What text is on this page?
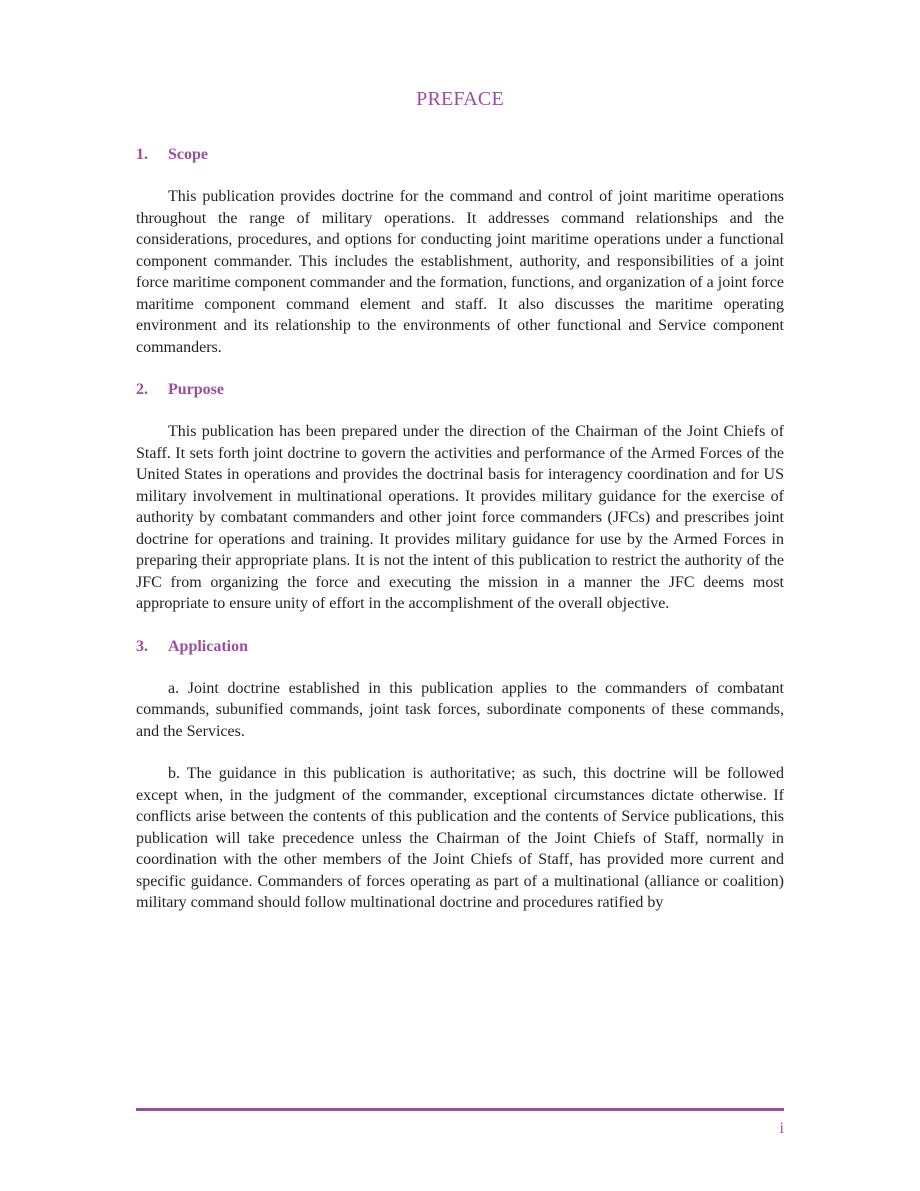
PREFACE
1. Scope

This publication provides doctrine for the command and control of joint maritime operations throughout the range of military operations. It addresses command relationships and the considerations, procedures, and options for conducting joint maritime operations under a functional component commander. This includes the establishment, authority, and responsibilities of a joint force maritime component commander and the formation, functions, and organization of a joint force maritime component command element and staff. It also discusses the maritime operating environment and its relationship to the environments of other functional and Service component commanders.

2. Purpose

This publication has been prepared under the direction of the Chairman of the Joint Chiefs of Staff. It sets forth joint doctrine to govern the activities and performance of the Armed Forces of the United States in operations and provides the doctrinal basis for interagency coordination and for US military involvement in multinational operations. It provides military guidance for the exercise of authority by combatant commanders and other joint force commanders (JFCs) and prescribes joint doctrine for operations and training. It provides military guidance for use by the Armed Forces in preparing their appropriate plans. It is not the intent of this publication to restrict the authority of the JFC from organizing the force and executing the mission in a manner the JFC deems most appropriate to ensure unity of effort in the accomplishment of the overall objective.

3. Application

a. Joint doctrine established in this publication applies to the commanders of combatant commands, subunified commands, joint task forces, subordinate components of these commands, and the Services.

b. The guidance in this publication is authoritative; as such, this doctrine will be followed except when, in the judgment of the commander, exceptional circumstances dictate otherwise. If conflicts arise between the contents of this publication and the contents of Service publications, this publication will take precedence unless the Chairman of the Joint Chiefs of Staff, normally in coordination with the other members of the Joint Chiefs of Staff, has provided more current and specific guidance. Commanders of forces operating as part of a multinational (alliance or coalition) military command should follow multinational doctrine and procedures ratified by

i
